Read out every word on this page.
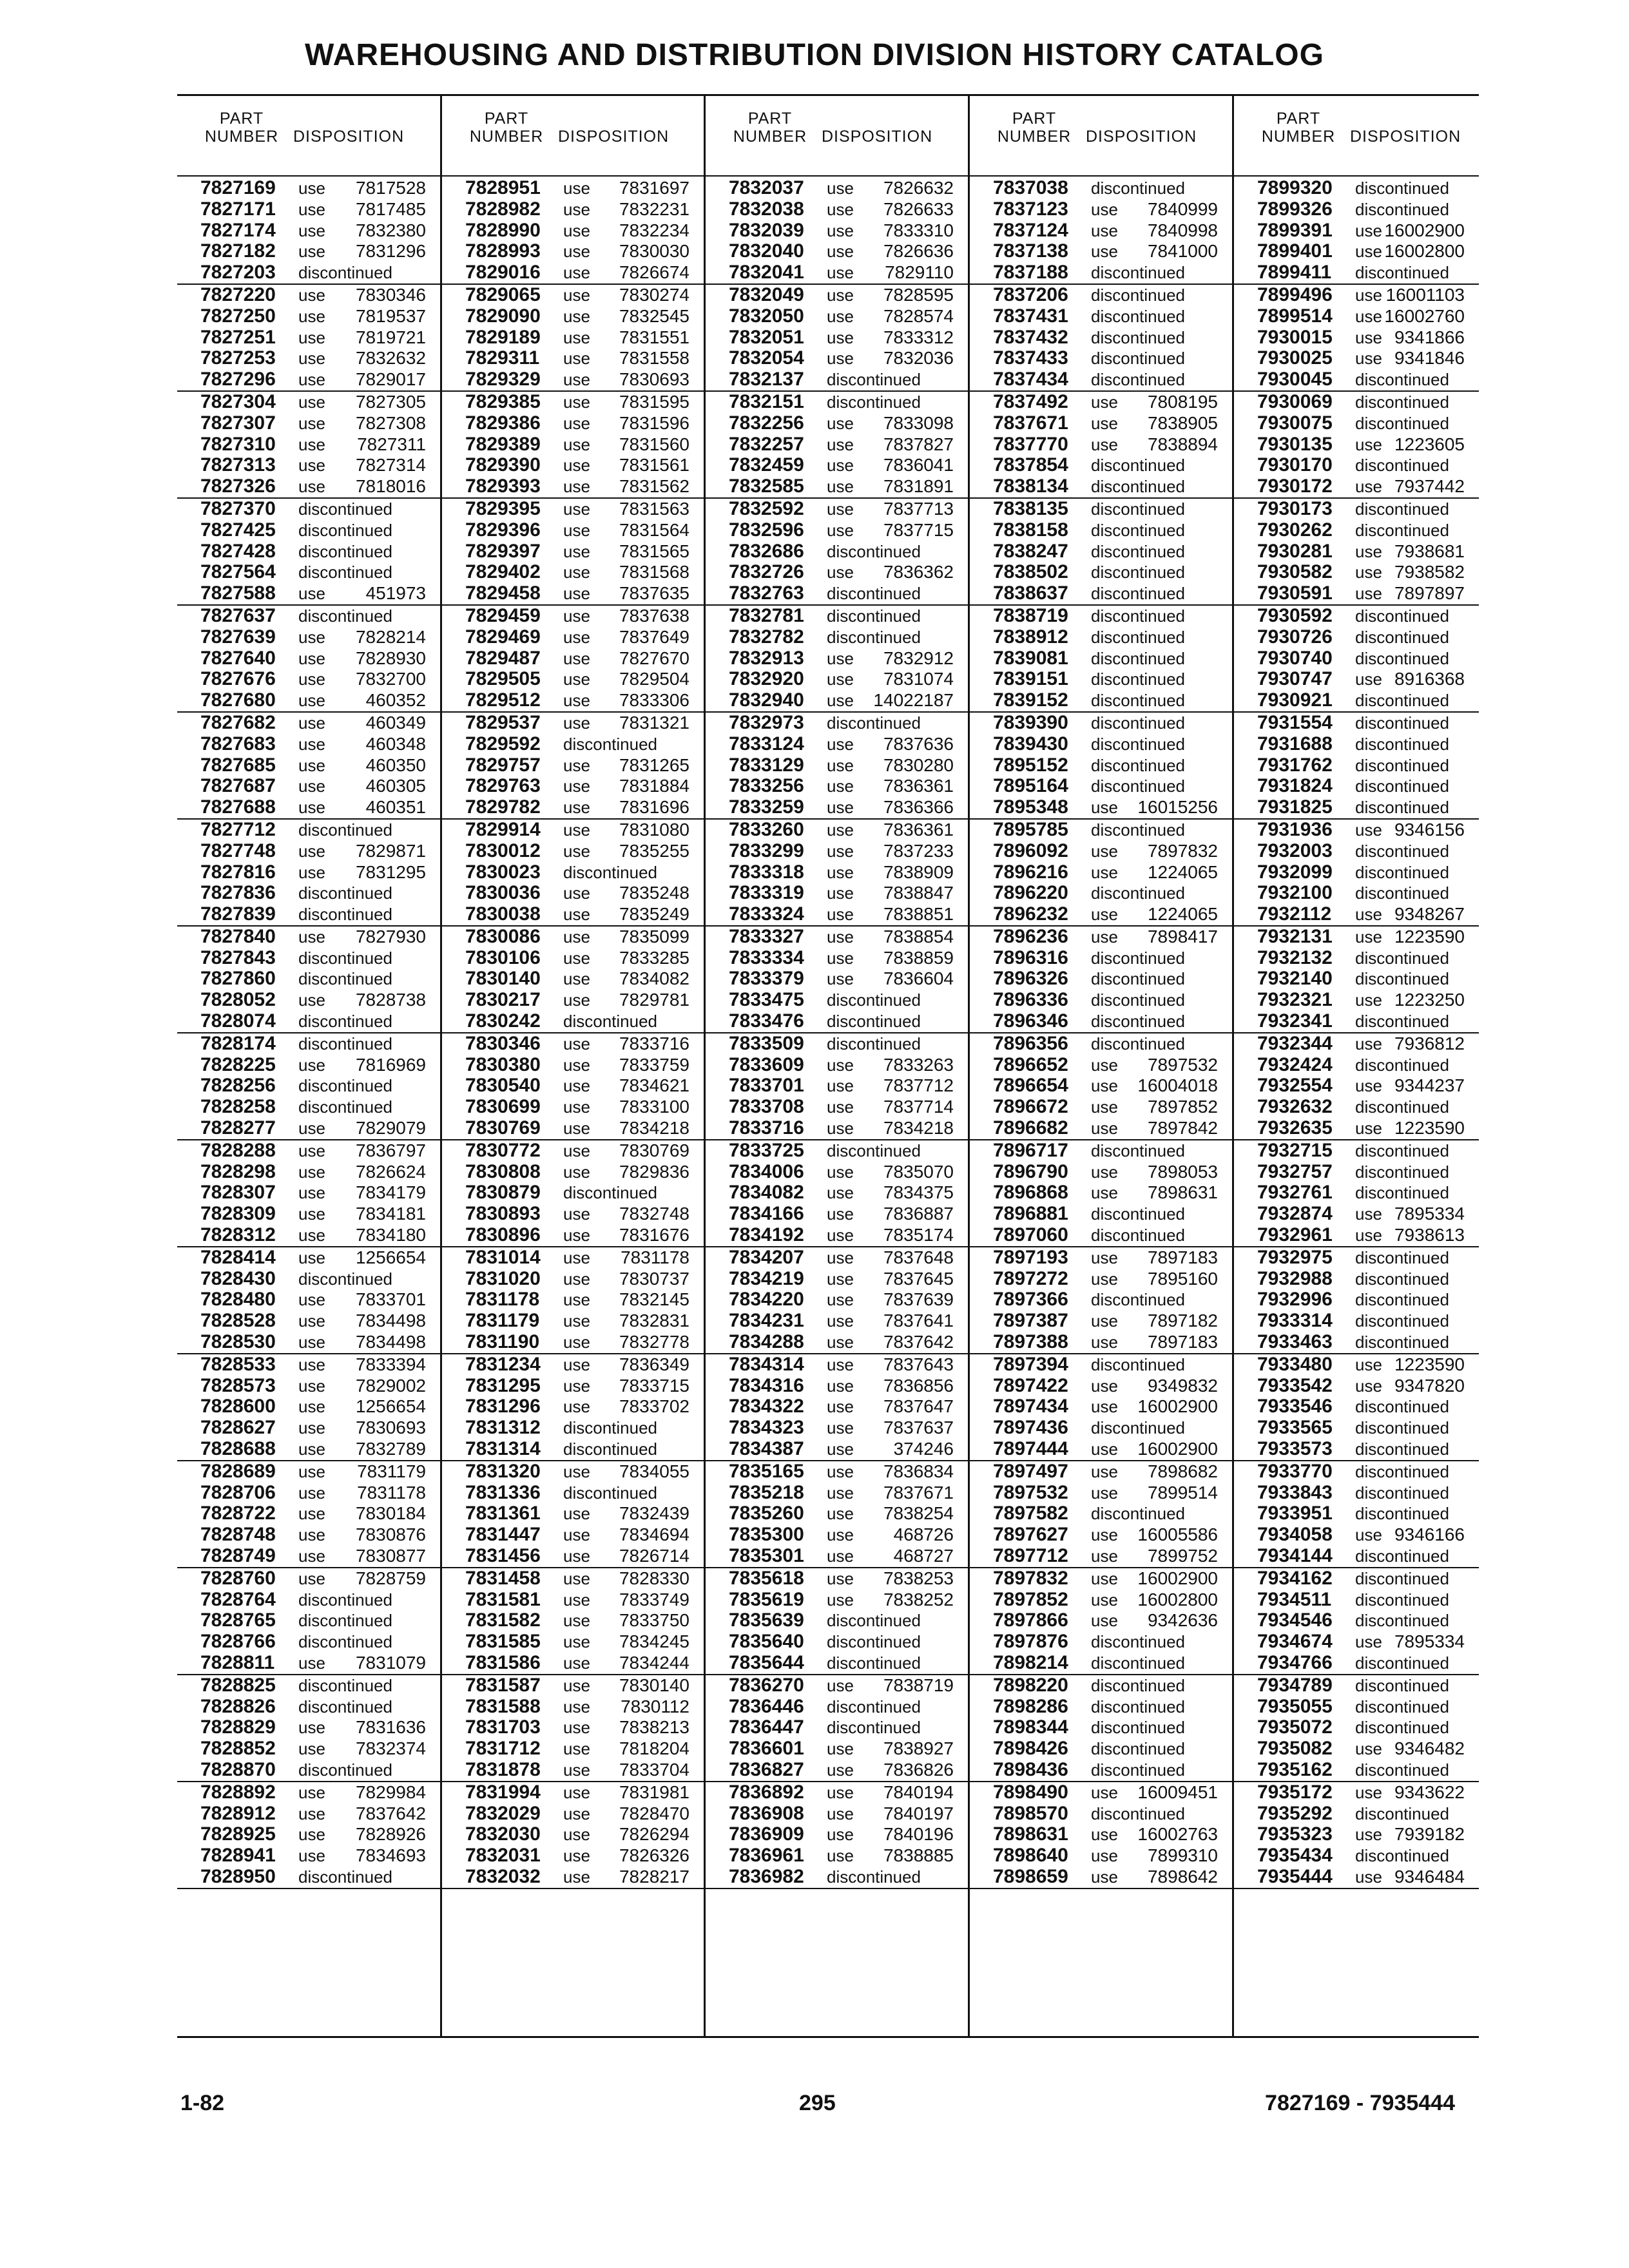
WAREHOUSING AND DISTRIBUTION DIVISION HISTORY CATALOG
PART
NUMBER DISPOSITION
7827169 use 7817528
7827171 use 7817485
7827174 use 7832380
7827182 use 7831296
7827203 discontinued
7827220 use 7830346
7827250 use 7819537
7827251 use 7819721
7827253 use 7832632
7827296 use 7829017
7827304 use 7827305
7827307 use 7827308
7827310 use 7827311
7827313 use 7827314
7827326 use 7818016
7827370 discontinued
7827425 discontinued
7827428 discontinued
7827564 discontinued
7827588 use 451973
7827637 discontinued
7827639 use 7828214
7827640 use 7828930
7827676 use 7832700
7827680 use 460352
7827682 use 460349
7827683 use 460348
7827685 use 460350
7827687 use 460305
7827688 use 460351
7827712 discontinued
7827748 use 7829871
7827816 use 7831295
7827836 discontinued
7827839 discontinued
7827840 use 7827930
7827843 discontinued
7827860 discontinued
7828052 use 7828738
7828074 discontinued
7828174 discontinued
7828225 use 7816969
7828256 discontinued
7828258 discontinued
7828277 use 7829079
7828288 use 7836797
7828298 use 7826624
7828307 use 7834179
7828309 use 7834181
7828312 use 7834180
7828414 use 1256654
7828430 discontinued
7828480 use 7833701
7828528 use 7834498
7828530 use 7834498
7828533 use 7833394
7828573 use 7829002
7828600 use 1256654
7828627 use 7830693
7828688 use 7832789
7828689 use 7831179
7828706 use 7831178
7828722 use 7830184
7828748 use 7830876
7828749 use 7830877
7828760 use 7828759
7828764 discontinued
7828765 discontinued
7828766 discontinued
7828811 use 7831079
7828825 discontinued
7828826 discontinued
7828829 use 7831636
7828852 use 7832374
7828870 discontinued
7828892 use 7829984
7828912 use 7837642
7828925 use 7828926
7828941 use 7834693
7828950 discontinued
PART
NUMBER DISPOSITION
7828951 use 7831697
7828982 use 7832231
7828990 use 7832234
7828993 use 7830030
7829016 use 7826674
7829065 use 7830274
7829090 use 7832545
7829189 use 7831551
7829311 use 7831558
7829329 use 7830693
7829385 use 7831595
7829386 use 7831596
7829389 use 7831560
7829390 use 7831561
7829393 use 7831562
7829395 use 7831563
7829396 use 7831564
7829397 use 7831565
7829402 use 7831568
7829458 use 7837635
7829459 use 7837638
7829469 use 7837649
7829487 use 7827670
7829505 use 7829504
7829512 use 7833306
7829537 use 7831321
7829592 discontinued
7829757 use 7831265
7829763 use 7831884
7829782 use 7831696
7829914 use 7831080
7830012 use 7835255
7830023 discontinued
7830036 use 7835248
7830038 use 7835249
7830086 use 7835099
7830106 use 7833285
7830140 use 7834082
7830217 use 7829781
7830242 discontinued
7830346 use 7833716
7830380 use 7833759
7830540 use 7834621
7830699 use 7833100
7830769 use 7834218
7830772 use 7830769
7830808 use 7829836
7830879 discontinued
7830893 use 7832748
7830896 use 7831676
7831014 use 7831178
7831020 use 7830737
7831178 use 7832145
7831179 use 7832831
7831190 use 7832778
7831234 use 7836349
7831295 use 7833715
7831296 use 7833702
7831312 discontinued
7831314 discontinued
7831320 use 7834055
7831336 discontinued
7831361 use 7832439
7831447 use 7834694
7831456 use 7826714
7831458 use 7828330
7831581 use 7833749
7831582 use 7833750
7831585 use 7834245
7831586 use 7834244
7831587 use 7830140
7831588 use 7830112
7831703 use 7838213
7831712 use 7818204
7831878 use 7833704
7831994 use 7831981
7832029 use 7828470
7832030 use 7826294
7832031 use 7826326
7832032 use 7828217
PART
NUMBER DISPOSITION
7832037 use 7826632
7832038 use 7826633
7832039 use 7833310
7832040 use 7826636
7832041 use 7829110
7832049 use 7828595
7832050 use 7828574
7832051 use 7833312
7832054 use 7832036
7832137 discontinued
7832151 discontinued
7832256 use 7833098
7832257 use 7837827
7832459 use 7836041
7832585 use 7831891
7832592 use 7837713
7832596 use 7837715
7832686 discontinued
7832726 use 7836362
7832763 discontinued
7832781 discontinued
7832782 discontinued
7832913 use 7832912
7832920 use 7831074
7832940 use 14022187
7832973 discontinued
7833124 use 7837636
7833129 use 7830280
7833256 use 7836361
7833259 use 7836366
7833260 use 7836361
7833299 use 7837233
7833318 use 7838909
7833319 use 7838847
7833324 use 7838851
7833327 use 7838854
7833334 use 7838859
7833379 use 7836604
7833475 discontinued
7833476 discontinued
7833509 discontinued
7833609 use 7833263
7833701 use 7837712
7833708 use 7837714
7833716 use 7834218
7833725 discontinued
7834006 use 7835070
7834082 use 7834375
7834166 use 7836887
7834192 use 7835174
7834207 use 7837648
7834219 use 7837645
7834220 use 7837639
7834231 use 7837641
7834288 use 7837642
7834314 use 7837643
7834316 use 7836856
7834322 use 7837647
7834323 use 7837637
7834387 use 374246
7835165 use 7836834
7835218 use 7837671
7835260 use 7838254
7835300 use 468726
7835301 use 468727
7835618 use 7838253
7835619 use 7838252
7835639 discontinued
7835640 discontinued
7835644 discontinued
7836270 use 7838719
7836446 discontinued
7836447 discontinued
7836601 use 7838927
7836827 use 7836826
7836892 use 7840194
7836908 use 7840197
7836909 use 7840196
7836961 use 7838885
7836982 discontinued
PART
NUMBER DISPOSITION
7837038 discontinued
7837123 use 7840999
7837124 use 7840998
7837138 use 7841000
7837188 discontinued
7837206 discontinued
7837431 discontinued
7837432 discontinued
7837433 discontinued
7837434 discontinued
7837492 use 7808195
7837671 use 7838905
7837770 use 7838894
7837854 discontinued
7838134 discontinued
7838135 discontinued
7838158 discontinued
7838247 discontinued
7838502 discontinued
7838637 discontinued
7838719 discontinued
7838912 discontinued
7839081 discontinued
7839151 discontinued
7839152 discontinued
7839390 discontinued
7839430 discontinued
7895152 discontinued
7895164 discontinued
7895348 use 16015256
7895785 discontinued
7896092 use 7897832
7896216 use 1224065
7896220 discontinued
7896232 use 1224065
7896236 use 7898417
7896316 discontinued
7896326 discontinued
7896336 discontinued
7896346 discontinued
7896356 discontinued
7896652 use 7897532
7896654 use 16004018
7896672 use 7897852
7896682 use 7897842
7896717 discontinued
7896790 use 7898053
7896868 use 7898631
7896881 discontinued
7897060 discontinued
7897193 use 7897183
7897272 use 7895160
7897366 discontinued
7897387 use 7897182
7897388 use 7897183
7897394 discontinued
7897422 use 9349832
7897434 use 16002900
7897436 discontinued
7897444 use 16002900
7897497 use 7898682
7897532 use 7899514
7897582 discontinued
7897627 use 16005586
7897712 use 7899752
7897832 use 16002900
7897852 use 16002800
7897866 use 9342636
7897876 discontinued
7898214 discontinued
7898220 discontinued
7898286 discontinued
7898344 discontinued
7898426 discontinued
7898436 discontinued
7898490 use 16009451
7898570 discontinued
7898631 use 16002763
7898640 use 7899310
7898659 use 7898642
PART
NUMBER DISPOSITION
7899320 discontinued
7899326 discontinued
7899391 use 16002900
7899401 use 16002800
7899411 discontinued
7899496 use 16001103
7899514 use 16002760
7930015 use 9341866
7930025 use 9341846
7930045 discontinued
7930069 discontinued
7930075 discontinued
7930135 use 1223605
7930170 discontinued
7930172 use 7937442
7930173 discontinued
7930262 discontinued
7930281 use 7938681
7930582 use 7938582
7930591 use 7897897
7930592 discontinued
7930726 discontinued
7930740 discontinued
7930747 use 8916368
7930921 discontinued
7931554 discontinued
7931688 discontinued
7931762 discontinued
7931824 discontinued
7931825 discontinued
7931936 use 9346156
7932003 discontinued
7932099 discontinued
7932100 discontinued
7932112 use 9348267
7932131 use 1223590
7932132 discontinued
7932140 discontinued
7932321 use 1223250
7932341 discontinued
7932344 use 7936812
7932424 discontinued
7932554 use 9344237
7932632 discontinued
7932635 use 1223590
7932715 discontinued
7932757 discontinued
7932761 discontinued
7932874 use 7895334
7932961 use 7938613
7932975 discontinued
7932988 discontinued
7932996 discontinued
7933314 discontinued
7933463 discontinued
7933480 use 1223590
7933542 use 9347820
7933546 discontinued
7933565 discontinued
7933573 discontinued
7933770 discontinued
7933843 discontinued
7933951 discontinued
7934058 use 9346166
7934144 discontinued
7934162 discontinued
7934511 discontinued
7934546 discontinued
7934674 use 7895334
7934766 discontinued
7934789 discontinued
7935055 discontinued
7935072 discontinued
7935082 use 9346482
7935162 discontinued
7935172 use 9343622
7935292 discontinued
7935323 use 7939182
7935434 discontinued
7935444 use 9346484
1-82	295	7827169 - 7935444
